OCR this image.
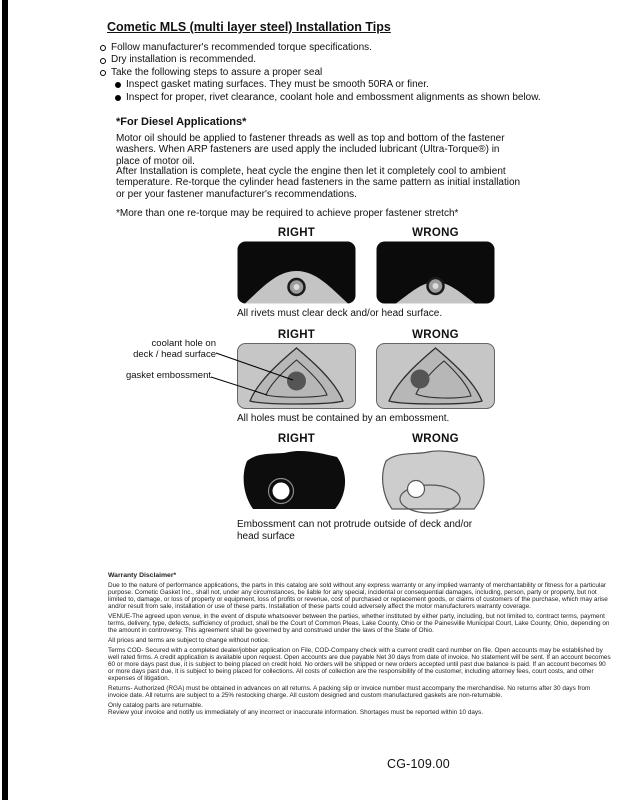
Cometic MLS (multi layer steel) Installation Tips
Follow manufacturer's recommended torque specifications.
Dry installation is recommended.
Take the following steps to assure a proper seal
Inspect gasket mating surfaces. They must be smooth 50RA or finer.
Inspect for proper, rivet clearance, coolant hole and embossment alignments as shown below.
*For Diesel Applications*

Motor oil should be applied to fastener threads as well as top and bottom of the fastener washers. When ARP fasteners are used apply the included lubricant (Ultra-Torque®) in place of motor oil.

After Installation is complete, heat cycle the engine then let it completely cool to ambient temperature. Re-torque the cylinder head fasteners in the same pattern as initial installation or per your fastener manufacturer's recommendations.

*More than one re-torque may be required to achieve proper fastener stretch*

RIGHT	WRONG
All rivets must clear deck and/or head surface.
RIGHT	WRONG
All holes must be contained by an embossment.
RIGHT	WRONG
Embossment can not protrude outside of deck and/or head surface
coolant hole on
deck / head surface
gasket embossment

Warranty Disclaimer*

Due to the nature of performance applications, the parts in this catalog are sold without any express warranty or any implied warranty of merchantability or fitness for a particular purpose. Cometic Gasket Inc., shall not, under any circumstances, be liable for any special, incidental or consequential damages, including, person, party or property, but not limited to, damage, or loss of property or equipment, loss of profits or revenue, cost of purchased or replacement goods, or claims of customers of the purchase, which may arise and/or result from sale, installation or use of these parts. Installation of these parts could adversely affect the motor manufacturers warranty coverage.

VENUE-The agreed upon venue, in the event of dispute whatsoever between the parties, whether instituted by either party, including, but not limited to, contract terms, payment terms, delivery, type, defects, sufficiency of product, shall be the Court of Common Pleas, Lake County, Ohio or the Painesville Municipal Court, Lake County, Ohio, depending on the amount in controversy. This agreement shall be governed by and construed under the laws of the State of Ohio.

All prices and terms are subject to change without notice.

Terms COD- Secured with a completed dealer/jobber application on File, COD-Company check with a current credit card number on file. Open accounts may be established by well rated firms. A credit application is available upon request. Open accounts are due payable Net 30 days from date of invoice. No statement will be sent. If an account becomes 60 or more days past due, it is subject to being placed on credit hold. No orders will be shipped or new orders accepted until past due balance is paid. If an account becomes 90 or more days past due, it is subject to being placed for collections. All costs of collection are the responsibility of the customer, including attorney fees, court costs, and other expenses of litigation.

Returns- Authorized (RGA) must be obtained in advances on all returns. A packing slip or invoice number must accompany the merchandise. No returns after 30 days from invoice date. All returns are subject to a 25% restocking charge. All custom designed and custom manufactured gaskets are non-returnable.

Only catalog parts are returnable.

Review your invoice and notify us immediately of any incorrect or inaccurate information. Shortages must be reported within 10 days.

CG-109.00
